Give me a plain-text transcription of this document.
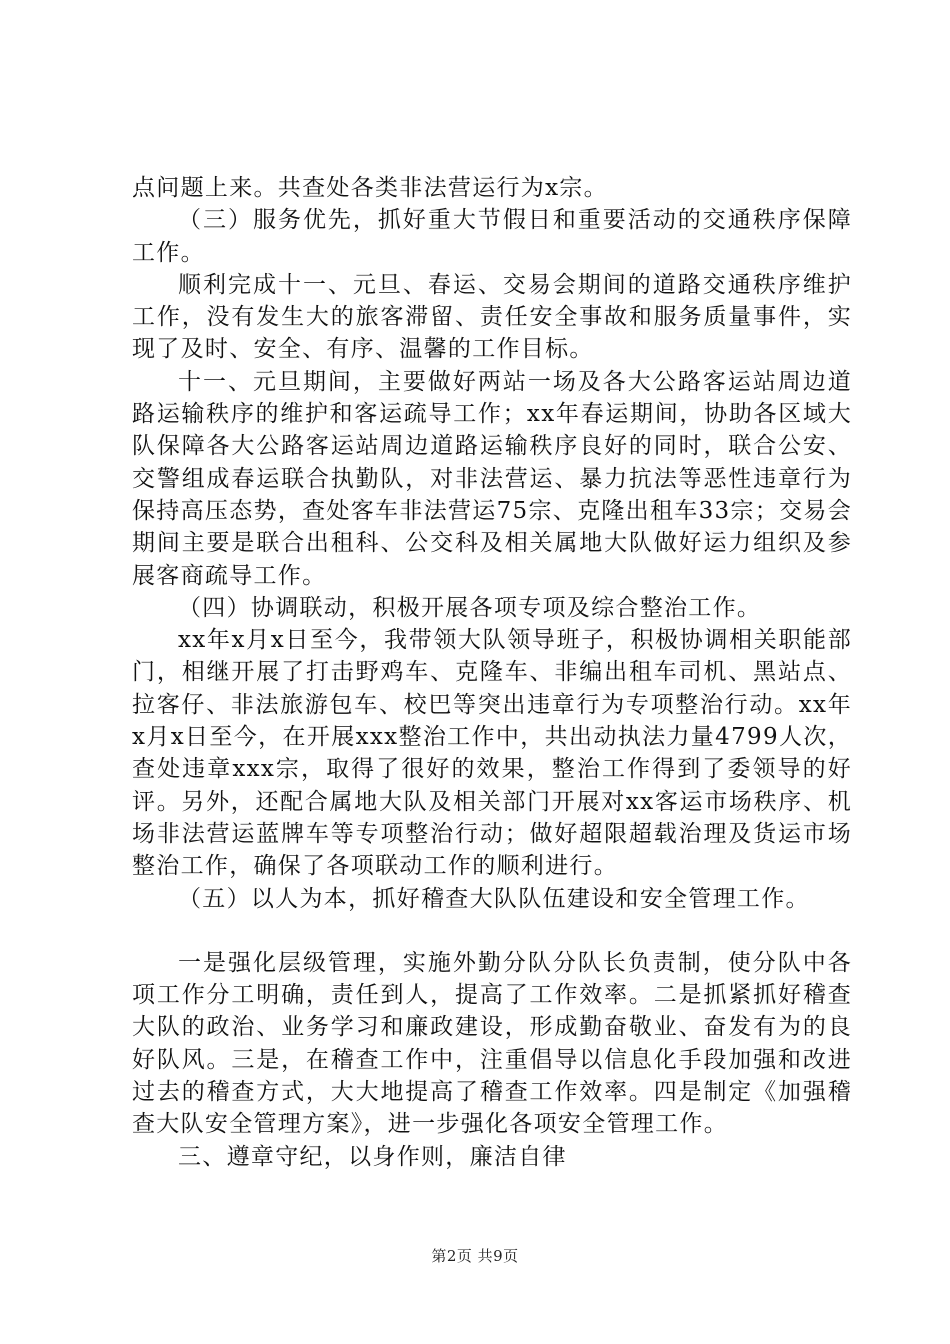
点问题上来。共查处各类非法营运行为x宗。

（三）服务优先，抓好重大节假日和重要活动的交通秩序保障工作。

顺利完成十一、元旦、春运、交易会期间的道路交通秩序维护工作，没有发生大的旅客滞留、责任安全事故和服务质量事件，实现了及时、安全、有序、温馨的工作目标。

十一、元旦期间，主要做好两站一场及各大公路客运站周边道路运输秩序的维护和客运疏导工作；xx年春运期间，协助各区域大队保障各大公路客运站周边道路运输秩序良好的同时，联合公安、交警组成春运联合执勤队，对非法营运、暴力抗法等恶性违章行为保持高压态势，查处客车非法营运75宗、克隆出租车33宗；交易会期间主要是联合出租科、公交科及相关属地大队做好运力组织及参展客商疏导工作。

（四）协调联动，积极开展各项专项及综合整治工作。

xx年x月x日至今，我带领大队领导班子，积极协调相关职能部门，相继开展了打击野鸡车、克隆车、非编出租车司机、黑站点、拉客仔、非法旅游包车、校巴等突出违章行为专项整治行动。xx年x月x日至今，在开展xxx整治工作中，共出动执法力量4799人次，查处违章xxx宗，取得了很好的效果，整治工作得到了委领导的好评。另外，还配合属地大队及相关部门开展对xx客运市场秩序、机场非法营运蓝牌车等专项整治行动；做好超限超载治理及货运市场整治工作，确保了各项联动工作的顺利进行。

（五）以人为本，抓好稽查大队队伍建设和安全管理工作。

一是强化层级管理，实施外勤分队分队长负责制，使分队中各项工作分工明确，责任到人，提高了工作效率。二是抓紧抓好稽查大队的政治、业务学习和廉政建设，形成勤奋敬业、奋发有为的良好队风。三是，在稽查工作中，注重倡导以信息化手段加强和改进过去的稽查方式，大大地提高了稽查工作效率。四是制定《加强稽查大队安全管理方案》，进一步强化各项安全管理工作。

三、遵章守纪，以身作则，廉洁自律

第2页 共9页
